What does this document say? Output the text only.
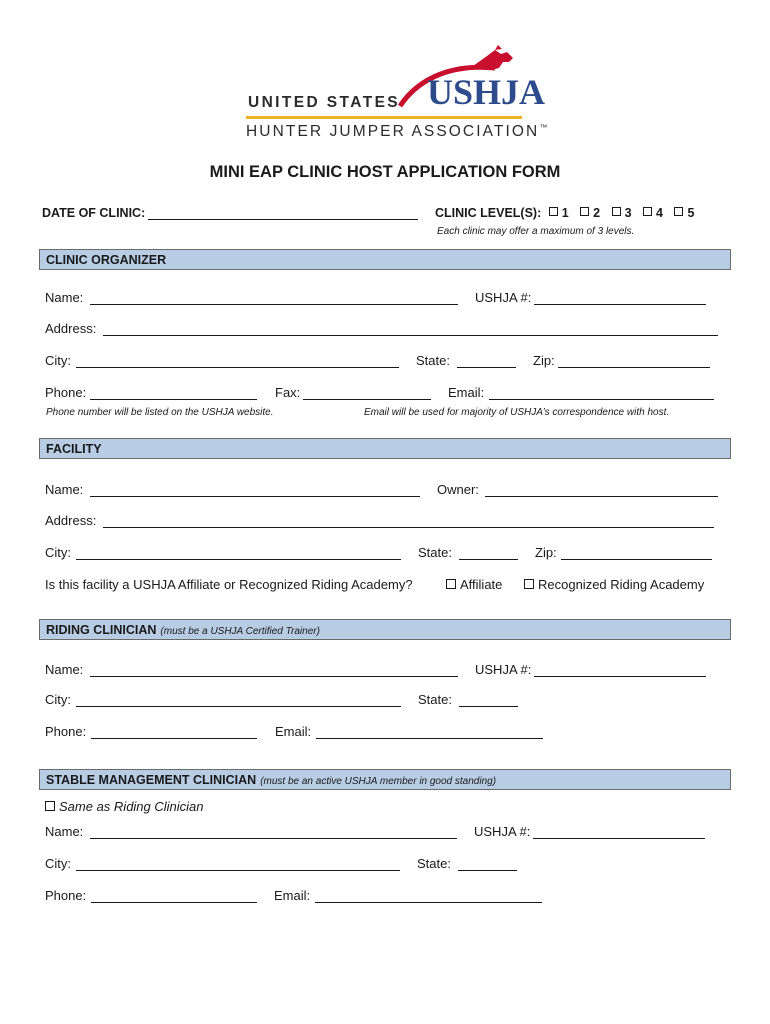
USHJA
UNITED STATES
HUNTER JUMPER ASSOCIATION™
MINI EAP CLINIC HOST APPLICATION FORM
DATE OF CLINIC:	CLINIC LEVEL(S): 1 2 3 4 5
Each clinic may offer a maximum of 3 levels.
CLINIC ORGANIZER
Name:	USHJA #:
Address:
City:	State:	Zip:
Phone:	Fax:	Email:
Phone number will be listed on the USHJA website.	Email will be used for majority of USHJA’s correspondence with host.
FACILITY
Name:	Owner:
Address:
City:	State:	Zip:
Is this facility a USHJA Affiliate or Recognized Riding Academy?	Affiliate	Recognized Riding Academy
RIDING CLINICIAN (must be a USHJA Certified Trainer)
Name:	USHJA #:
City:	State:
Phone:	Email:
STABLE MANAGEMENT CLINICIAN (must be an active USHJA member in good standing)
Same as Riding Clinician
Name:	USHJA #:
City:	State:
Phone:	Email:
